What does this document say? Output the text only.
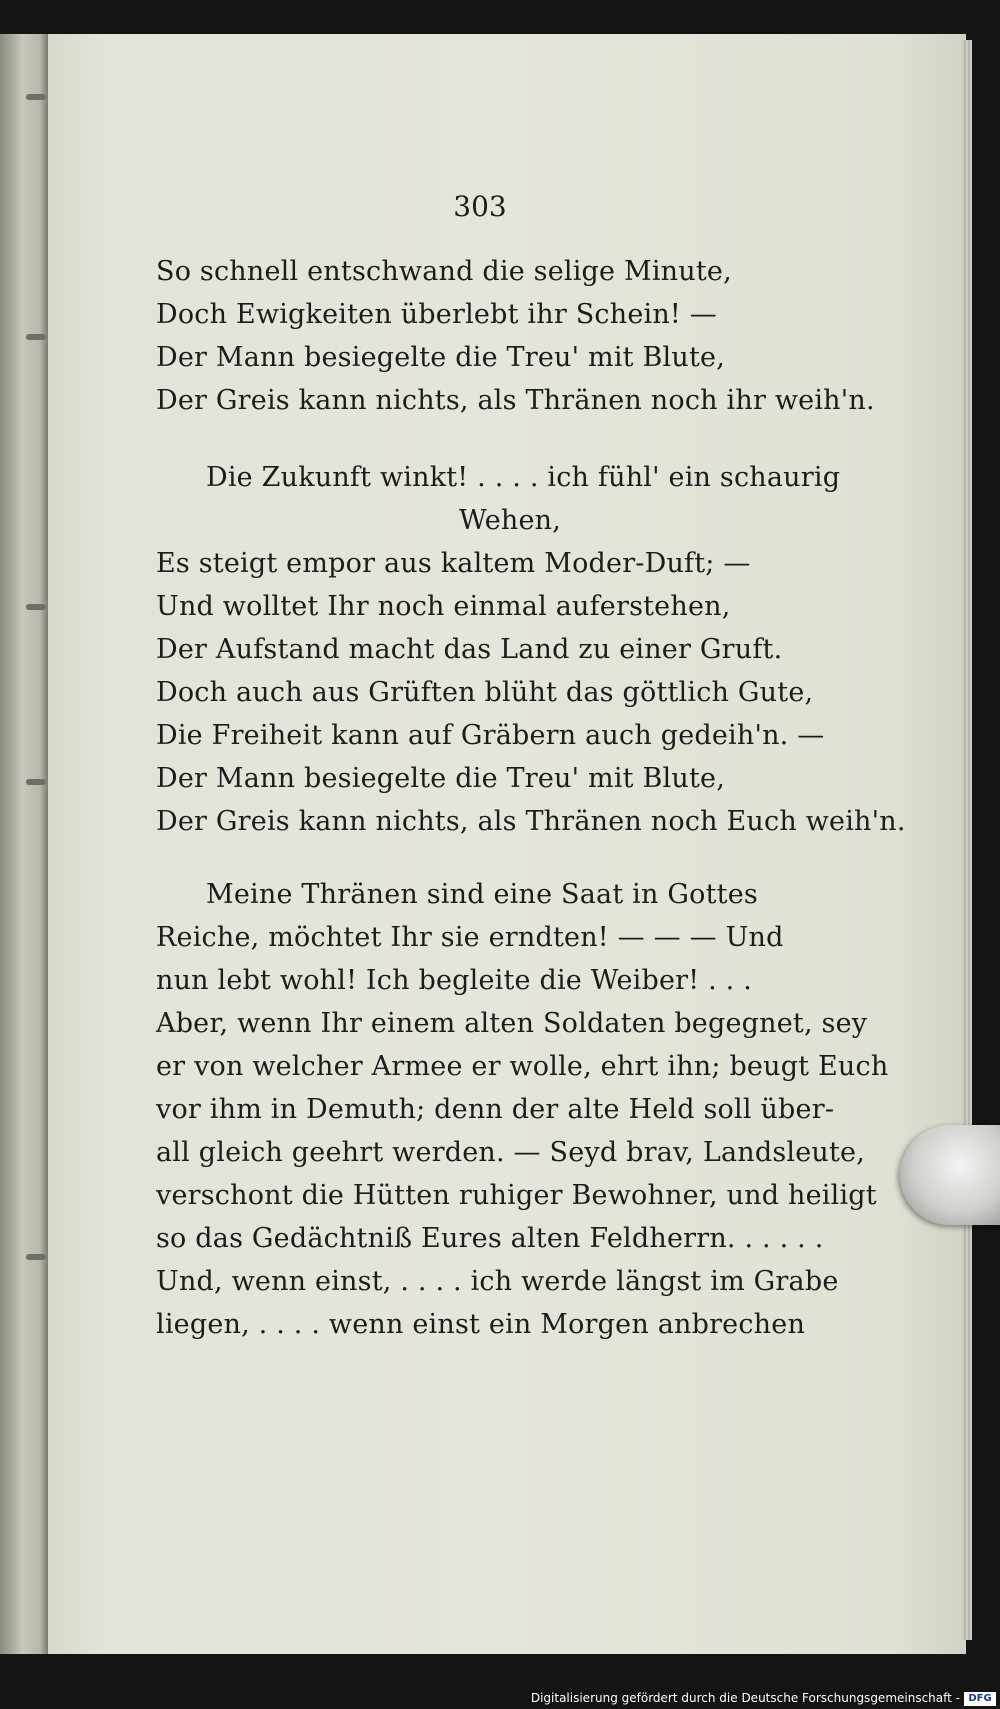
303
So schnell entschwand die selige Minute,
Doch Ewigkeiten überlebt ihr Schein! —
Der Mann besiegelte die Treu' mit Blute,
Der Greis kann nichts, als Thränen noch ihr weih'n.
Die Zukunft winkt! . . . . ich fühl' ein schaurig
Wehen,
Es steigt empor aus kaltem Moder-Duft; —
Und wolltet Ihr noch einmal auferstehen,
Der Aufstand macht das Land zu einer Gruft.
Doch auch aus Grüften blüht das göttlich Gute,
Die Freiheit kann auf Gräbern auch gedeih'n. —
Der Mann besiegelte die Treu' mit Blute,
Der Greis kann nichts, als Thränen noch Euch weih'n.
Meine Thränen sind eine Saat in Gottes
Reiche, möchtet Ihr sie erndten! — — — Und
nun lebt wohl! Ich begleite die Weiber! . . .
Aber, wenn Ihr einem alten Soldaten begegnet, sey
er von welcher Armee er wolle, ehrt ihn; beugt Euch
vor ihm in Demuth; denn der alte Held soll über-
all gleich geehrt werden. — Seyd brav, Landsleute,
verschont die Hütten ruhiger Bewohner, und heiligt
so das Gedächtniß Eures alten Feldherrn. . . . . .
Und, wenn einst, . . . . ich werde längst im Grabe
liegen, . . . . wenn einst ein Morgen anbrechen
Digitalisierung gefördert durch die Deutsche Forschungsgemeinschaft - DFG
